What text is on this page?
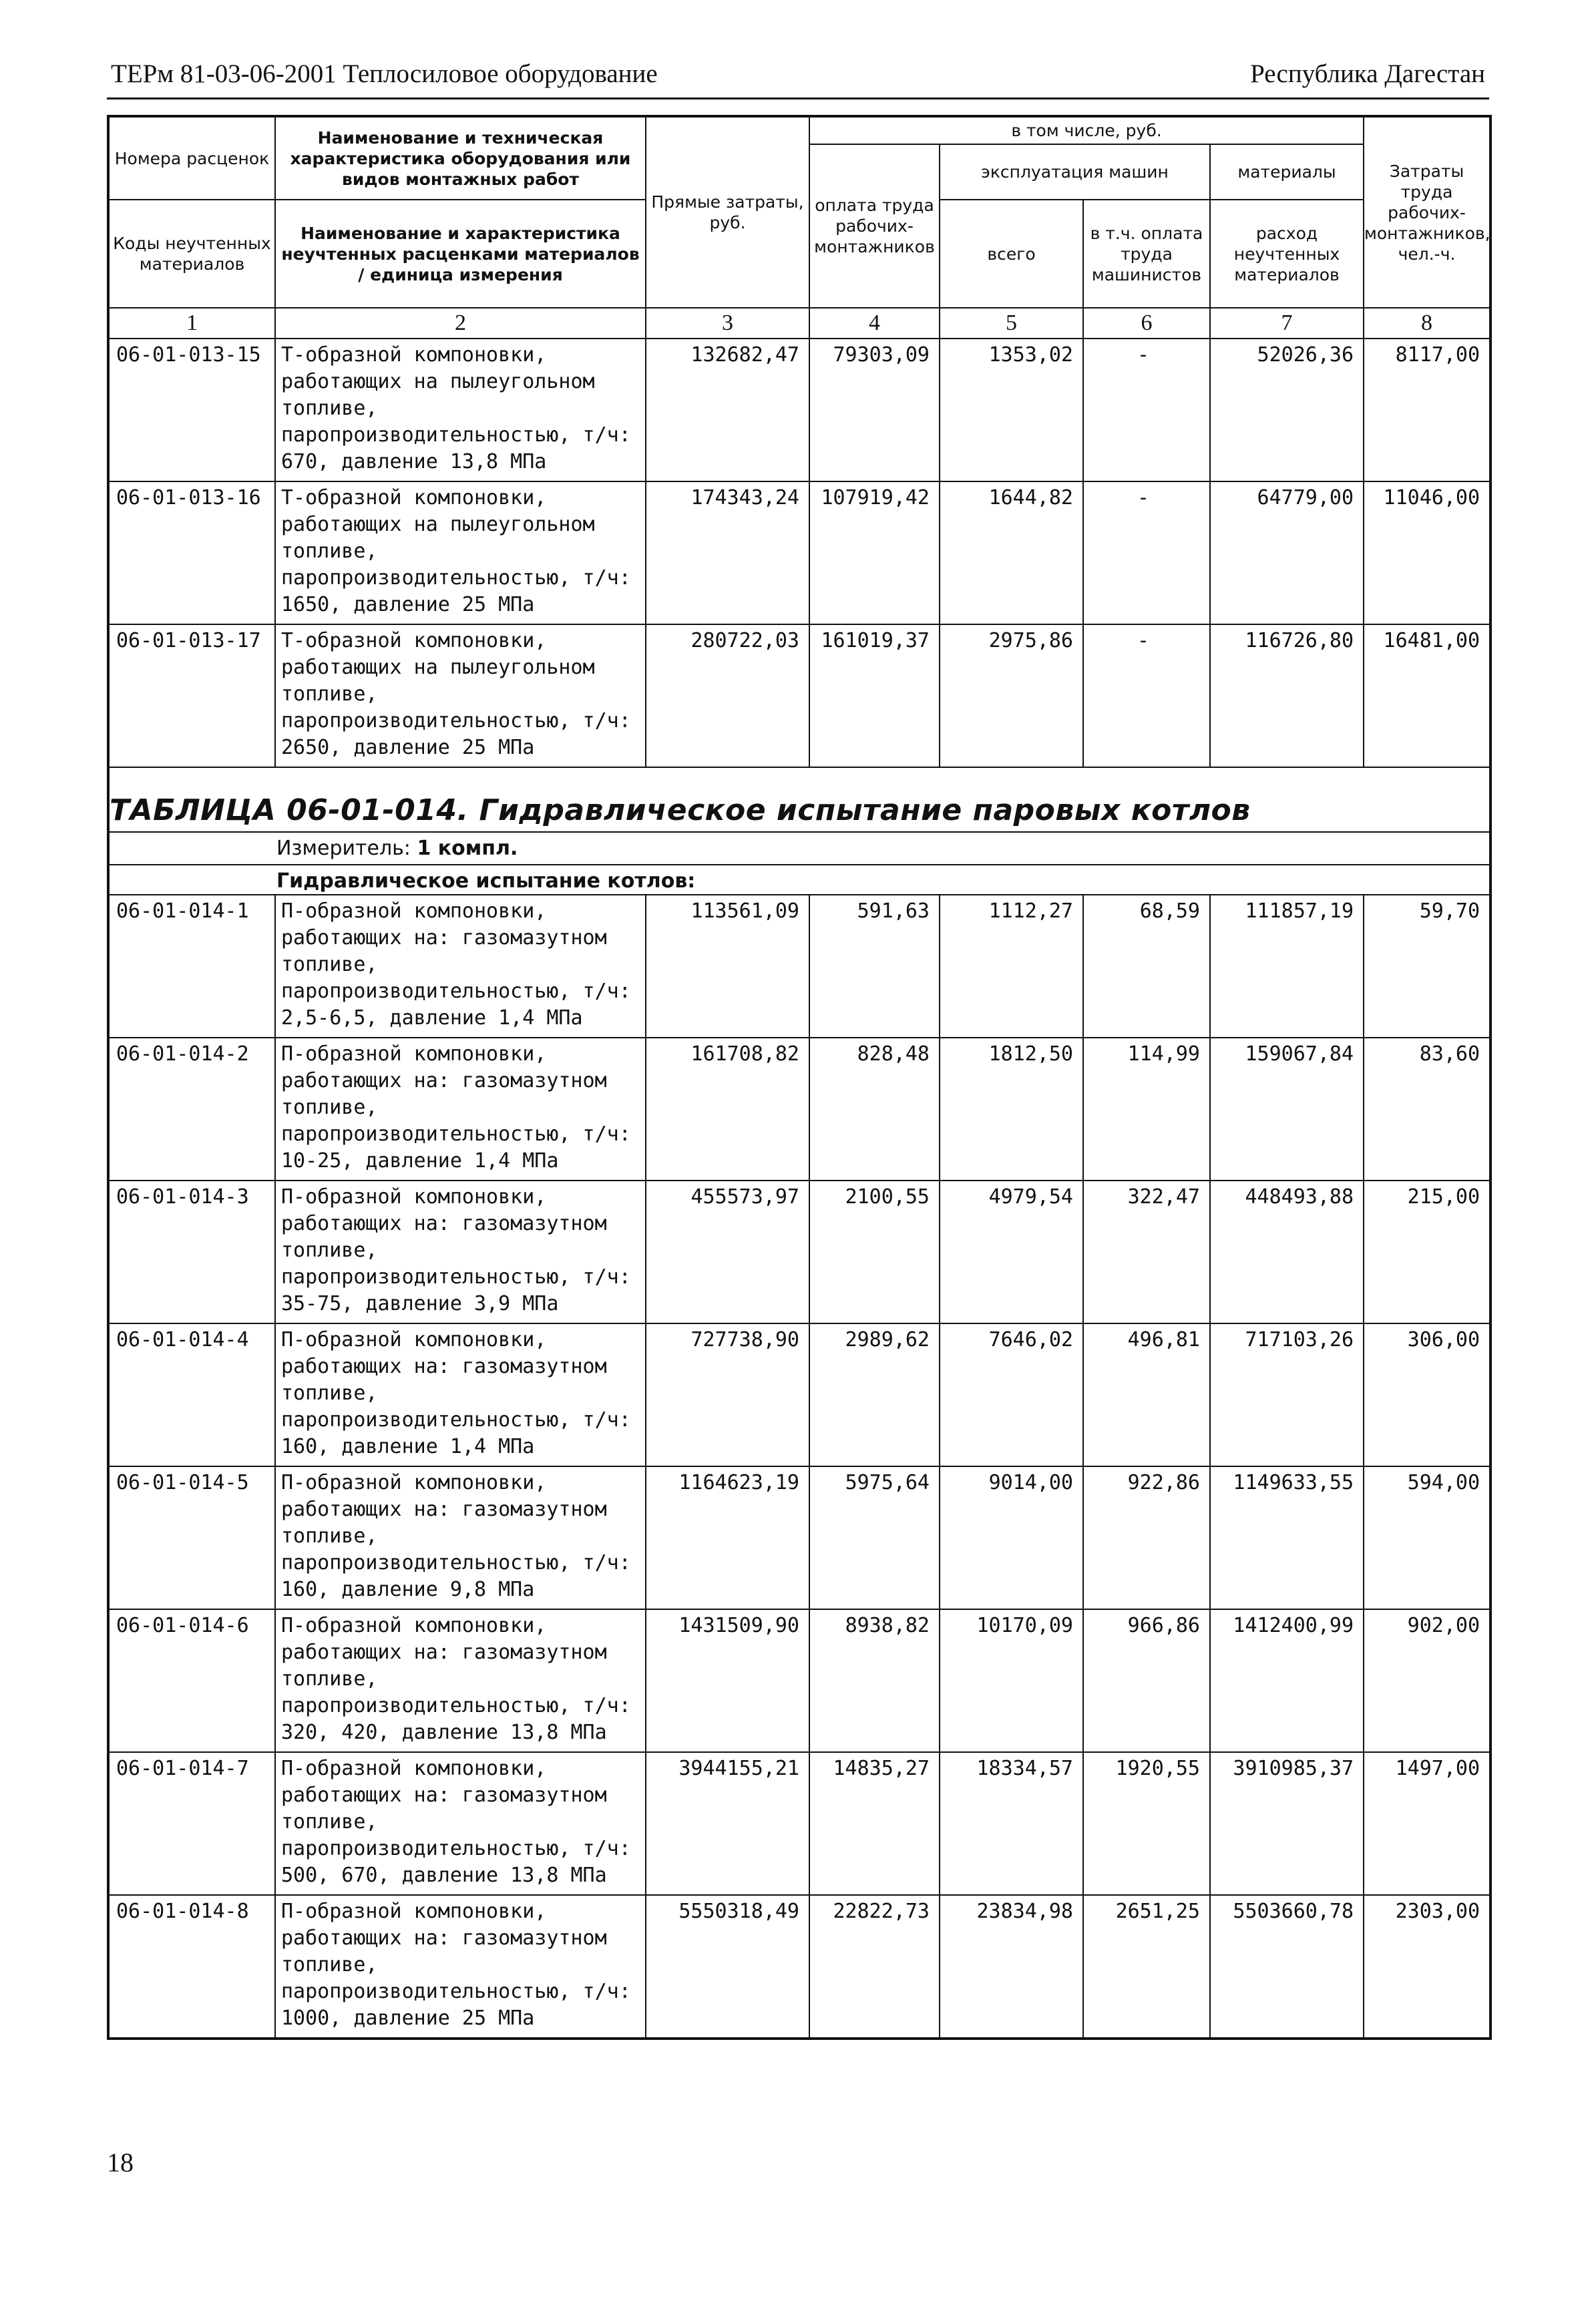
ТЕРм 81-03-06-2001 Теплосиловое оборудование	Республика Дагестан
Номера расценок	Наименование и техническая характеристика оборудования или видов монтажных работ	Прямые затраты, руб.	в том числе, руб.				Затраты труда рабочих-монтажников, чел.-ч.
			оплата труда рабочих-монтажников	эксплуатация машин		материалы	
Коды неучтенных материалов	Наименование и характеристика неучтенных расценками материалов / единица измерения			всего	в т.ч. оплата труда машинистов	расход неучтенных материалов	

1	2	3	4	5	6	7	8
06-01-013-15	Т-образной компоновки, работающих на пылеугольном топливе, паропроизводительностью, т/ч: 670, давление 13,8 МПа	132682,47	79303,09	1353,02	-	52026,36	8117,00
06-01-013-16	Т-образной компоновки, работающих на пылеугольном топливе, паропроизводительностью, т/ч: 1650, давление 25 МПа	174343,24	107919,42	1644,82	-	64779,00	11046,00
06-01-013-17	Т-образной компоновки, работающих на пылеугольном топливе, паропроизводительностью, т/ч: 2650, давление 25 МПа	280722,03	161019,37	2975,86	-	116726,80	16481,00
ТАБЛИЦА 06-01-014. Гидравлическое испытание паровых котлов							
Измеритель: 1 компл.							
Гидравлическое испытание котлов:							
06-01-014-1	П-образной компоновки, работающих на: газомазутном топливе, паропроизводительностью, т/ч: 2,5-6,5, давление 1,4 МПа	113561,09	591,63	1112,27	68,59	111857,19	59,70
06-01-014-2	П-образной компоновки, работающих на: газомазутном топливе, паропроизводительностью, т/ч: 10-25, давление 1,4 МПа	161708,82	828,48	1812,50	114,99	159067,84	83,60
06-01-014-3	П-образной компоновки, работающих на: газомазутном топливе, паропроизводительностью, т/ч: 35-75, давление 3,9 МПа	455573,97	2100,55	4979,54	322,47	448493,88	215,00
06-01-014-4	П-образной компоновки, работающих на: газомазутном топливе, паропроизводительностью, т/ч: 160, давление 1,4 МПа	727738,90	2989,62	7646,02	496,81	717103,26	306,00
06-01-014-5	П-образной компоновки, работающих на: газомазутном топливе, паропроизводительностью, т/ч: 160, давление 9,8 МПа	1164623,19	5975,64	9014,00	922,86	1149633,55	594,00
06-01-014-6	П-образной компоновки, работающих на: газомазутном топливе, паропроизводительностью, т/ч: 320, 420, давление 13,8 МПа	1431509,90	8938,82	10170,09	966,86	1412400,99	902,00
06-01-014-7	П-образной компоновки, работающих на: газомазутном топливе, паропроизводительностью, т/ч: 500, 670, давление 13,8 МПа	3944155,21	14835,27	18334,57	1920,55	3910985,37	1497,00
06-01-014-8	П-образной компоновки, работающих на: газомазутном топливе, паропроизводительностью, т/ч: 1000, давление 25 МПа	5550318,49	22822,73	23834,98	2651,25	5503660,78	2303,00
18
